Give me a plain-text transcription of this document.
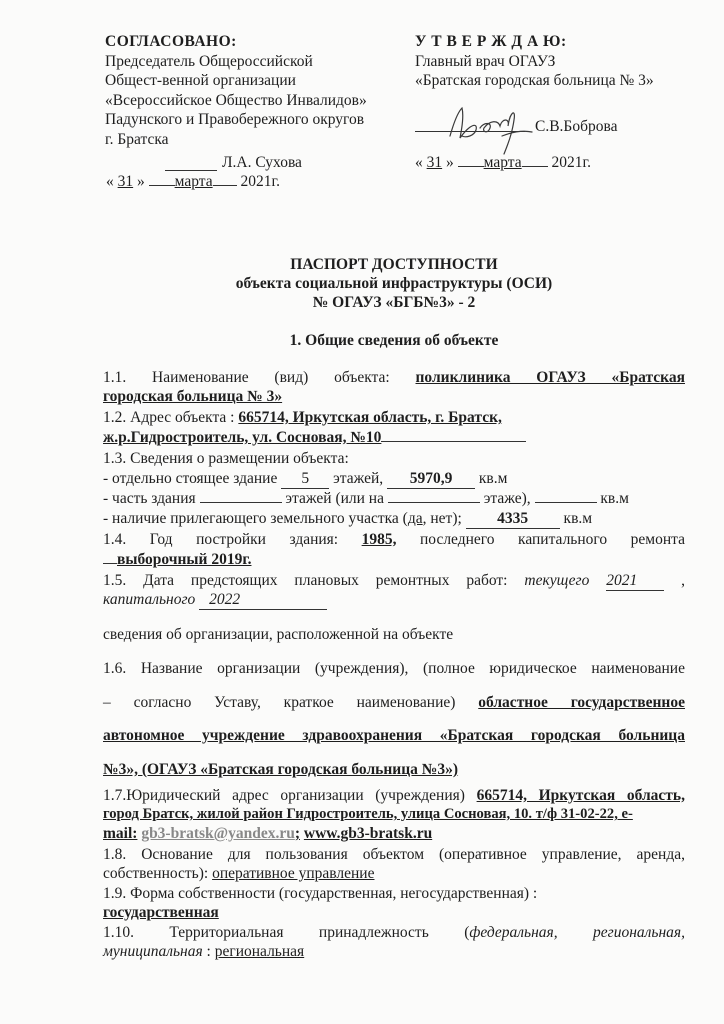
СОГЛАСОВАНО:
Председатель Общероссийской
Общест-венной организации
«Всероссийское Общество Инвалидов»
Падунского и Правобережного округов
г. Братска
Л.А. Сухова
« 31 » марта 2021г.
У Т В Е Р Ж Д А Ю:
Главный врач ОГАУЗ
«Братская городская больница № 3»
С.В.Боброва
« 31 » марта 2021г.
ПАСПОРТ ДОСТУПНОСТИ
объекта социальной инфраструктуры (ОСИ)
№ ОГАУЗ «БГБ№3» - 2
1. Общие сведения об объекте
1.1. Наименование (вид) объекта: поликлиника ОГАУЗ «Братская
городская больница № 3»
1.2. Адрес объекта : 665714, Иркутская область, г. Братск,
ж.р.Гидростроитель, ул. Сосновая, №10
1.3. Сведения о размещении объекта:
- отдельно стоящее здание 5 этажей, 5970,9 кв.м
- часть здания	этажей (или на	этаже),	кв.м
- наличие прилегающего земельного участка (да, нет); 4335 кв.м
1.4. Год постройки здания: 1985, последнего капитального ремонта
выборочный 2019г.
1.5. Дата предстоящих плановых ремонтных работ: текущего 2021 ,
капитального 2022
сведения об организации, расположенной на объекте
1.6. Название организации (учреждения), (полное юридическое наименование
– согласно Уставу, краткое наименование) областное государственное
автономное учреждение здравоохранения «Братская городская больница
№3», (ОГАУЗ «Братская городская больница №3»)
1.7.Юридический адрес организации (учреждения) 665714, Иркутская область,
город Братск, жилой район Гидростроитель, улица Сосновая, 10. т/ф 31-02-22, e-
mail: gb3-bratsk@yandex.ru; www.gb3-bratsk.ru
1.8. Основание для пользования объектом (оперативное управление, аренда,
собственность): оперативное управление
1.9. Форма собственности (государственная, негосударственная) :
государственная
1.10. Территориальная принадлежность (федеральная, региональная,
муниципальная : региональная
